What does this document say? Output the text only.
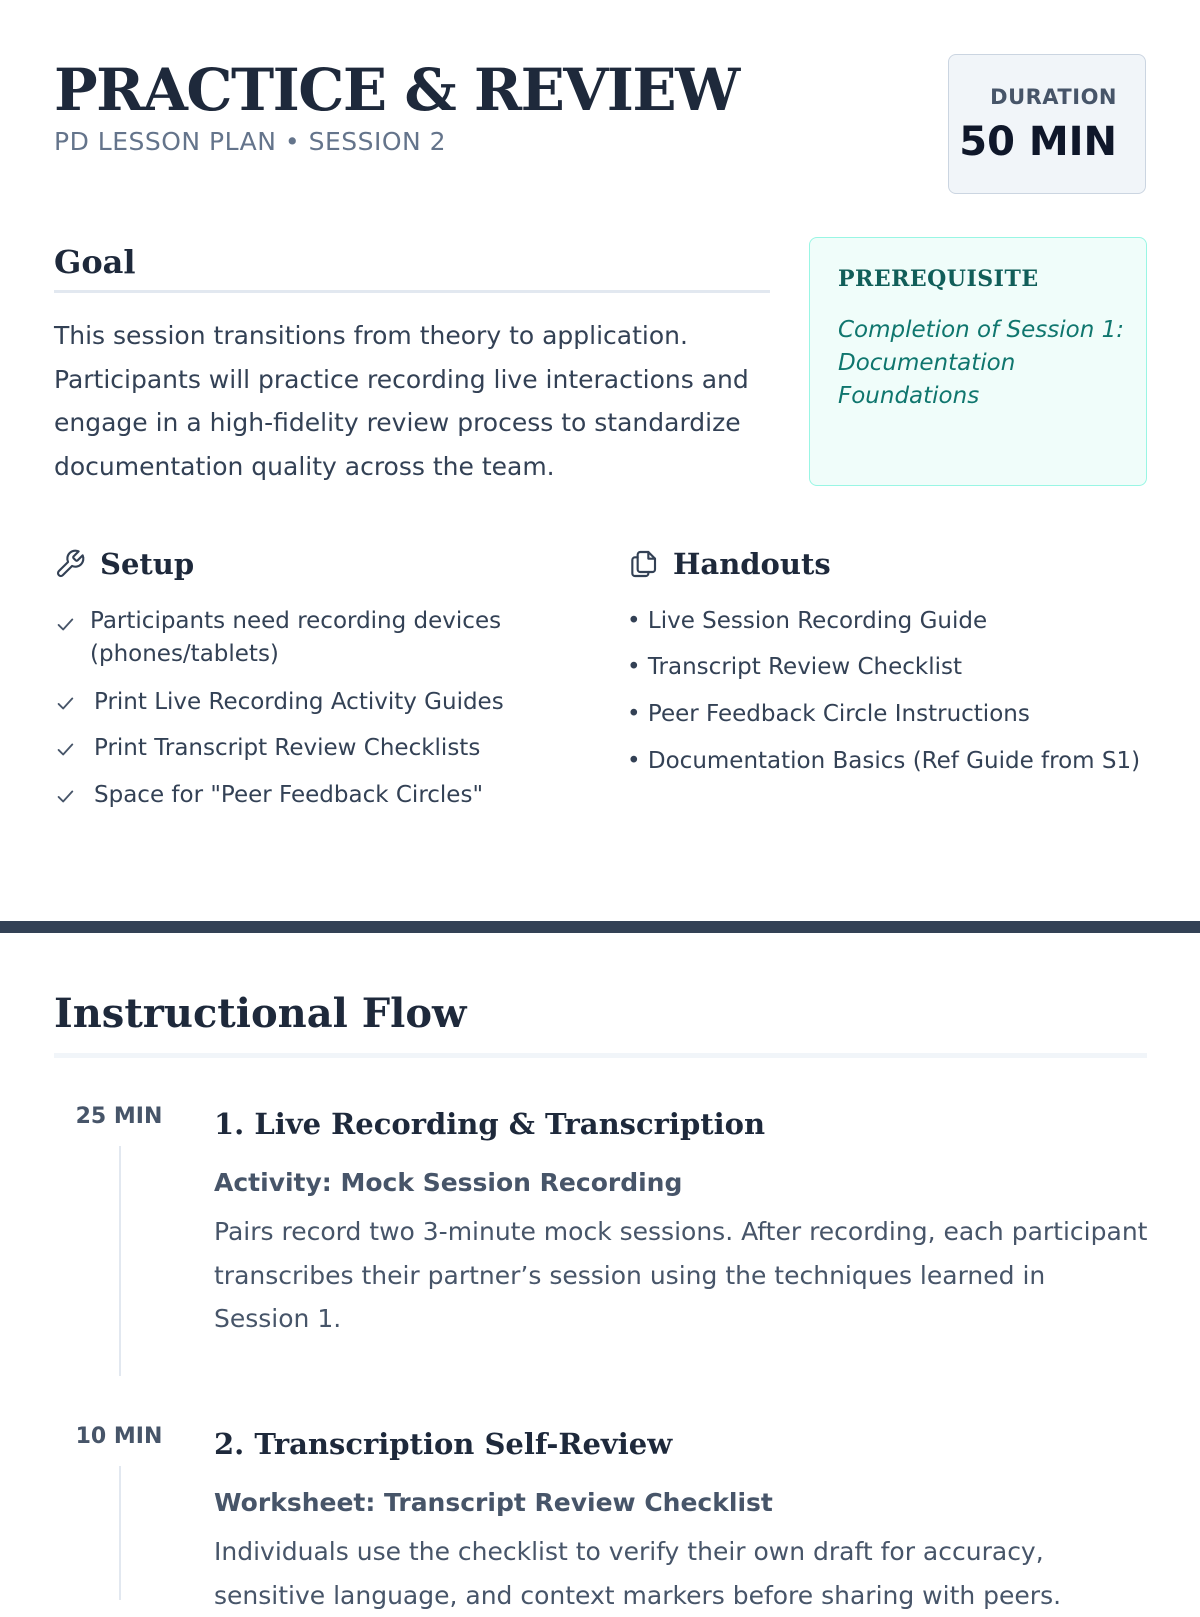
PRACTICE & REVIEW
PD LESSON PLAN • SESSION 2
DURATION
50 MIN
Goal

This session transitions from theory to application. Participants will practice recording live interactions and engage in a high-fidelity review process to standardize documentation quality across the team.

PREREQUISITE
Completion of Session 1: Documentation Foundations
Setup
Participants need recording devices (phones/tablets)
Print Live Recording Activity Guides
Print Transcript Review Checklists
Space for "Peer Feedback Circles"
Handouts
• Live Session Recording Guide
• Transcript Review Checklist
• Peer Feedback Circle Instructions
• Documentation Basics (Ref Guide from S1)
Instructional Flow
25 MIN	1. Live Recording & Transcription
Activity: Mock Session Recording

Pairs record two 3-minute mock sessions. After recording, each participant transcribes their partner’s session using the techniques learned in Session 1.

10 MIN	2. Transcription Self-Review
Worksheet: Transcript Review Checklist

Individuals use the checklist to verify their own draft for accuracy, sensitive language, and context markers before sharing with peers.
